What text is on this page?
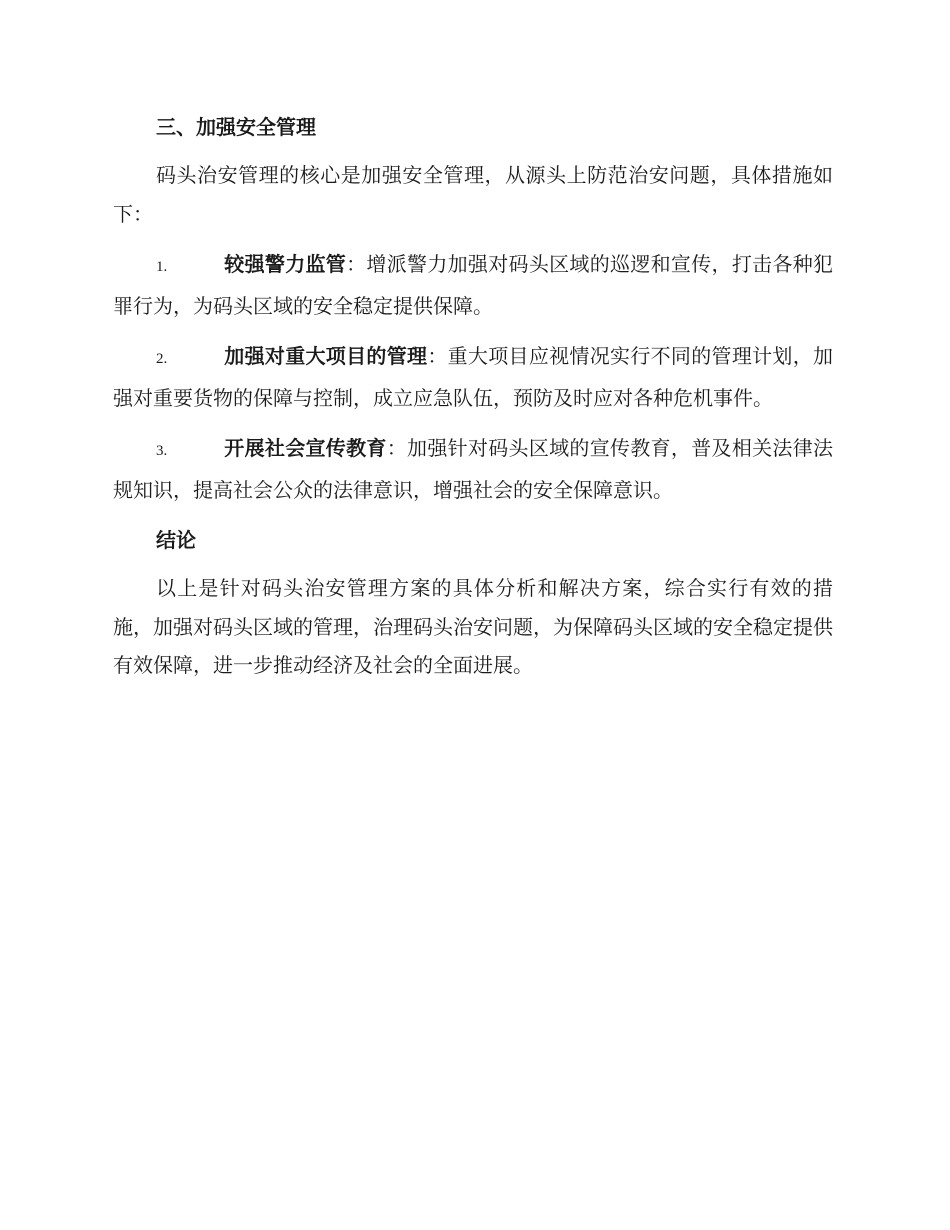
三、加强安全管理

码头治安管理的核心是加强安全管理，从源头上防范治安问题，具体措施如下：

1.	较强警力监管：增派警力加强对码头区域的巡逻和宣传，打击各种犯罪行为，为码头区域的安全稳定提供保障。

2.	加强对重大项目的管理：重大项目应视情况实行不同的管理计划，加强对重要货物的保障与控制，成立应急队伍，预防及时应对各种危机事件。

3.	开展社会宣传教育：加强针对码头区域的宣传教育，普及相关法律法规知识，提高社会公众的法律意识，增强社会的安全保障意识。

结论

以上是针对码头治安管理方案的具体分析和解决方案，综合实行有效的措施，加强对码头区域的管理，治理码头治安问题，为保障码头区域的安全稳定提供有效保障，进一步推动经济及社会的全面进展。
